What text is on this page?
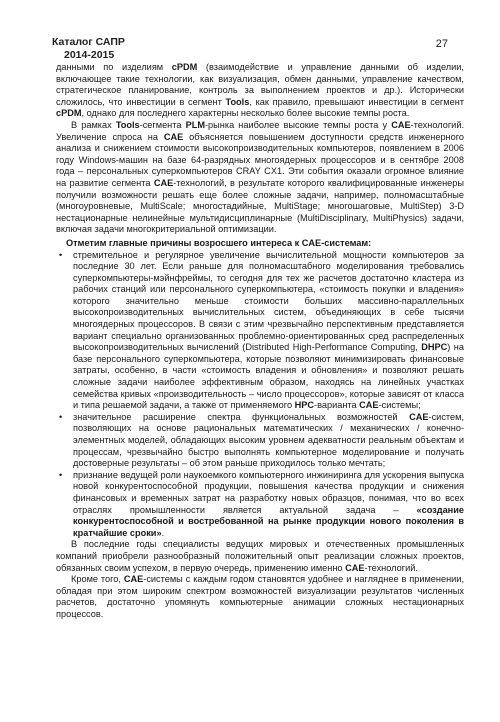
Каталог САПР
2014-2015
27

данными по изделиям cPDM (взаимодействие и управление данными об изделии, включающее такие технологии, как визуализация, обмен данными, управление качеством, стратегическое планирование, контроль за выполнением проектов и др.). Исторически сложилось, что инвестиции в сегмент Tools, как правило, превышают инвестиции в сегмент cPDM, однако для последнего характерны несколько более высокие темпы роста.

В рамках Tools-сегмента PLM-рынка наиболее высокие темпы роста у CAE-технологий. Увеличение спроса на CAE объясняется повышением доступности средств инженерного анализа и снижением стоимости высокопроизводительных компьютеров, появлением в 2006 году Windows-машин на базе 64-разрядных многоядерных процессоров и в сентябре 2008 года – персональных суперкомпьютеров CRAY CX1. Эти события оказали огромное влияние на развитие сегмента CAE-технологий, в результате которого квалифицированные инженеры получили возможности решать еще более сложные задачи, например, полномасштабные (многоуровневые, MultiScale; многостадийные, MultiStage; многошаговые, MultiStep) 3-D нестационарные нелинейные мультидисциплинарные (MultiDisciplinary, MultiPhysics) задачи, включая задачи многокритериальной оптимизации.

Отметим главные причины возросшего интереса к CAE-системам:

• стремительное и регулярное увеличение вычислительной мощности компьютеров за последние 30 лет. Если раньше для полномасштабного моделирования требовались суперкомпьютеры-мэйнфреймы, то сегодня для тех же расчетов достаточно кластера из рабочих станций или персонального суперкомпьютера, «стоимость покупки и владения» которого значительно меньше стоимости больших массивно-параллельных высокопроизводительных вычислительных систем, объединяющих в себе тысячи многоядерных процессоров. В связи с этим чрезвычайно перспективным представляется вариант специально организованных проблемно-ориентированных сред распределенных высокопроизводительных вычислений (Distributed High-Performance Computing, DHPC) на базе персонального суперкомпьютера, которые позволяют минимизировать финансовые затраты, особенно, в части «стоимость владения и обновления» и позволяют решать сложные задачи наиболее эффективным образом, находясь на линейных участках семейства кривых «производительность – число процессоров», которые зависят от класса и типа решаемой задачи, а также от применяемого HPC-варианта CAE-системы;
• значительное расширение спектра функциональных возможностей CAE-систем, позволяющих на основе рациональных математических / механических / конечно-элементных моделей, обладающих высоким уровнем адекватности реальным объектам и процессам, чрезвычайно быстро выполнять компьютерное моделирование и получать достоверные результаты – об этом раньше приходилось только мечтать;
• признание ведущей роли наукоемкого компьютерного инжиниринга для ускорения выпуска новой конкурентоспособной продукции, повышения качества продукции и снижения финансовых и временных затрат на разработку новых образцов, понимая, что во всех отраслях промышленности является актуальной задача – «создание конкурентоспособной и востребованной на рынке продукции нового поколения в кратчайшие сроки».

В последние годы специалисты ведущих мировых и отечественных промышленных компаний приобрели разнообразный положительный опыт реализации сложных проектов, обязанных своим успехом, в первую очередь, применению именно CAE-технологий.

Кроме того, CAE-системы с каждым годом становятся удобнее и нагляднее в применении, обладая при этом широким спектром возможностей визуализации результатов численных расчетов, достаточно упомянуть компьютерные анимации сложных нестационарных процессов.
